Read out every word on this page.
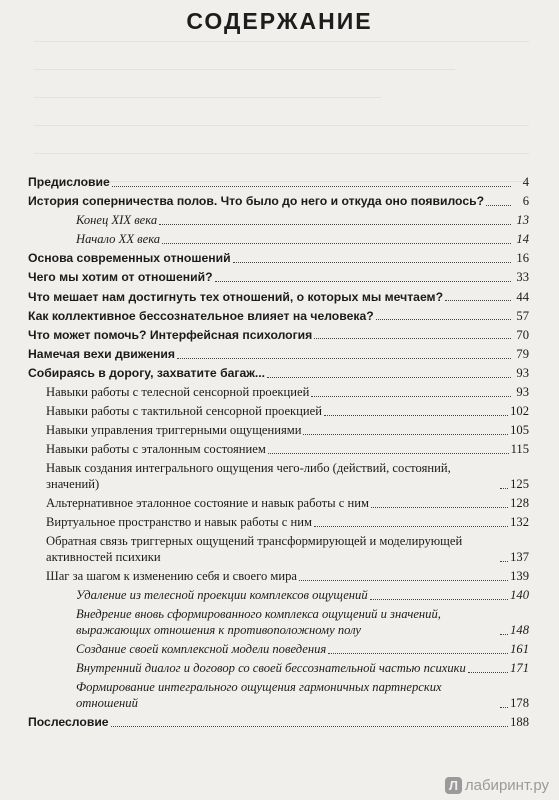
СОДЕРЖАНИЕ
Предисловие	4
История соперничества полов. Что было до него и откуда оно появилось?	6
Конец XIX века	13
Начало XX века	14
Основа современных отношений	16
Чего мы хотим от отношений?	33
Что мешает нам достигнуть тех отношений, о которых мы мечтаем?	44
Как коллективное бессознательное влияет на человека?	57
Что может помочь? Интерфейсная психология	70
Намечая вехи движения	79
Собираясь в дорогу, захватите багаж...	93
Навыки работы с телесной сенсорной проекцией	93
Навыки работы с тактильной сенсорной проекцией	102
Навыки управления триггерными ощущениями	105
Навыки работы с эталонным состоянием	115
Навык создания интегрального ощущения чего-либо (действий, состояний, значений)	125
Альтернативное эталонное состояние и навык работы с ним	128
Виртуальное пространство и навык работы с ним	132
Обратная связь триггерных ощущений трансформирующей и моделирующей активностей психики	137
Шаг за шагом к изменению себя и своего мира	139
Удаление из телесной проекции комплексов ощущений	140
Внедрение вновь сформированного комплекса ощущений и значений, выражающих отношения к противоположному полу	148
Создание своей комплексной модели поведения	161
Внутренний диалог и договор со своей бессознательной частью психики	171
Формирование интегрального ощущения гармоничных партнерских отношений	178
Послесловие	188
Л лабиринт.ру
